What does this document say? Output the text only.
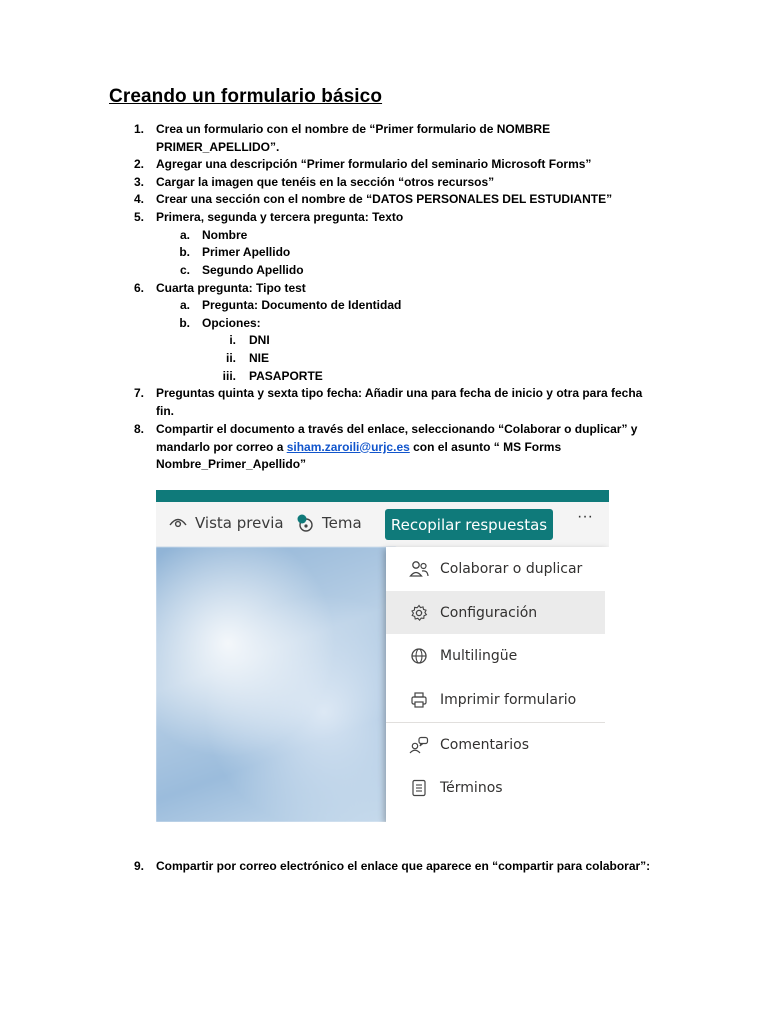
Creando un formulario básico
1. Crea un formulario con el nombre de “Primer formulario de NOMBRE
PRIMER_APELLIDO”.
2. Agregar una descripción “Primer formulario del seminario Microsoft Forms”
3. Cargar la imagen que tenéis en la sección “otros recursos”
4. Crear una sección con el nombre de “DATOS PERSONALES DEL ESTUDIANTE”
5. Primera, segunda y tercera pregunta: Texto
a. Nombre
b. Primer Apellido
c. Segundo Apellido
6. Cuarta pregunta: Tipo test
a. Pregunta: Documento de Identidad
b. Opciones:
i. DNI
ii. NIE
iii. PASAPORTE
7. Preguntas quinta y sexta tipo fecha: Añadir una para fecha de inicio y otra para fecha
fin.
8. Compartir el documento a través del enlace, seleccionando “Colaborar o duplicar” y
mandarlo por correo a siham.zaroili@urjc.es con el asunto “ MS Forms
Nombre_Primer_Apellido”
9. Compartir por correo electrónico el enlace que aparece en “compartir para colaborar”:
Vista previa	Tema	Recopilar respuestas	···
Colaborar o duplicar
Configuración
Multilingüe
Imprimir formulario
Comentarios
Términos
